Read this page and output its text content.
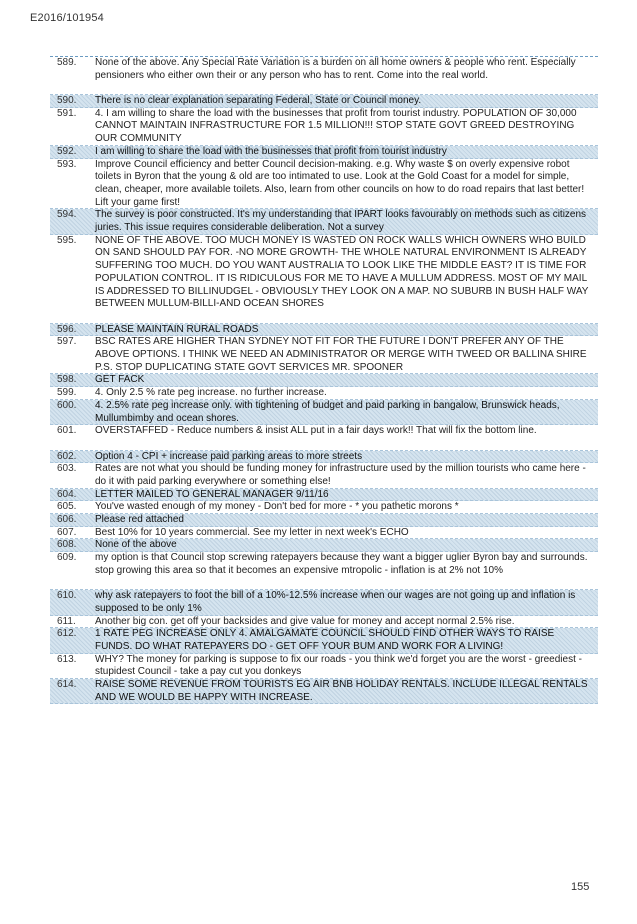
E2016/101954
589.	None of the above. Any Special Rate Variation is a burden on all home owners & people who rent. Especially pensioners who either own their or any person who has to rent. Come into the real world.
590.	There is no clear explanation separating Federal, State or Council money.
591.	4. I am willing to share the load with the businesses that profit from tourist industry. POPULATION OF 30,000 CANNOT MAINTAIN INFRASTRUCTURE FOR 1.5 MILLION!!! STOP STATE GOVT GREED DESTROYING OUR COMMUNITY
592.	I am willing to share the load with the businesses that profit from tourist industry
593.	Improve Council efficiency and better Council decision-making. e.g. Why waste $ on overly expensive robot toilets in Byron that the young & old are too intimated to use. Look at the Gold Coast for a model for simple, clean, cheaper, more available toilets. Also, learn from other councils on how to do road repairs that last better! Lift your game first!
594.	The survey is poor constructed. It's my understanding that IPART looks favourably on methods such as citizens juries. This issue requires considerable deliberation. Not a survey
595.	NONE OF THE ABOVE. TOO MUCH MONEY IS WASTED ON ROCK WALLS WHICH OWNERS WHO BUILD ON SAND SHOULD PAY FOR. -NO MORE GROWTH- THE WHOLE NATURAL ENVIRONMENT IS ALREADY SUFFERING TOO MUCH. DO YOU WANT AUSTRALIA TO LOOK LIKE THE MIDDLE EAST? IT IS TIME FOR POPULATION CONTROL. IT IS RIDICULOUS FOR ME TO HAVE A MULLUM ADDRESS. MOST OF MY MAIL IS ADDRESSED TO BILLINUDGEL - OBVIOUSLY THEY LOOK ON A MAP. NO SUBURB IN BUSH HALF WAY BETWEEN MULLUM-BILLI-AND OCEAN SHORES
596.	PLEASE MAINTAIN RURAL ROADS
597.	BSC RATES ARE HIGHER THAN SYDNEY NOT FIT FOR THE FUTURE I DON'T PREFER ANY OF THE ABOVE OPTIONS. I THINK WE NEED AN ADMINISTRATOR OR MERGE WITH TWEED OR BALLINA SHIRE P.S. STOP DUPLICATING STATE GOVT SERVICES MR. SPOONER
598.	GET FACK
599.	4. Only 2.5 % rate peg increase. no further increase.
600.	4. 2.5% rate peg increase only. with tightening of budget and paid parking in bangalow, Brunswick heads, Mullumbimby and ocean shores.
601.	OVERSTAFFED - Reduce numbers & insist ALL put in a fair days work!! That will fix the bottom line.
602.	Option 4 - CPI + increase paid parking areas to more streets
603.	Rates are not what you should be funding money for infrastructure used by the million tourists who came here - do it with paid parking everywhere or something else!
604.	LETTER MAILED TO GENERAL MANAGER 9/11/16
605.	You've wasted enough of my money - Don't bed for more - * you pathetic morons *
606.	Please red attached
607.	Best 10% for 10 years commercial. See my letter in next week's ECHO
608.	None of the above
609.	my option is that Council stop screwing ratepayers because they want a bigger uglier Byron bay and surrounds. stop growing this area so that it becomes an expensive mtropolic - inflation is at 2% not 10%
610.	why ask ratepayers to foot the bill of a 10%-12.5% increase when our wages are not going up and inflation is supposed to be only 1%
611.	Another big con. get off your backsides and give value for money and accept normal 2.5% rise.
612.	1 RATE PEG INCREASE ONLY 4. AMALGAMATE COUNCIL SHOULD FIND OTHER WAYS TO RAISE FUNDS. DO WHAT RATEPAYERS DO - GET OFF YOUR BUM AND WORK FOR A LIVING!
613.	WHY? The money for parking is suppose to fix our roads - you think we'd forget you are the worst - greediest - stupidest Council - take a pay cut you donkeys
614.	RAISE SOME REVENUE FROM TOURISTS EG AIR BNB HOLIDAY RENTALS. INCLUDE ILLEGAL RENTALS AND WE WOULD BE HAPPY WITH INCREASE.
155
